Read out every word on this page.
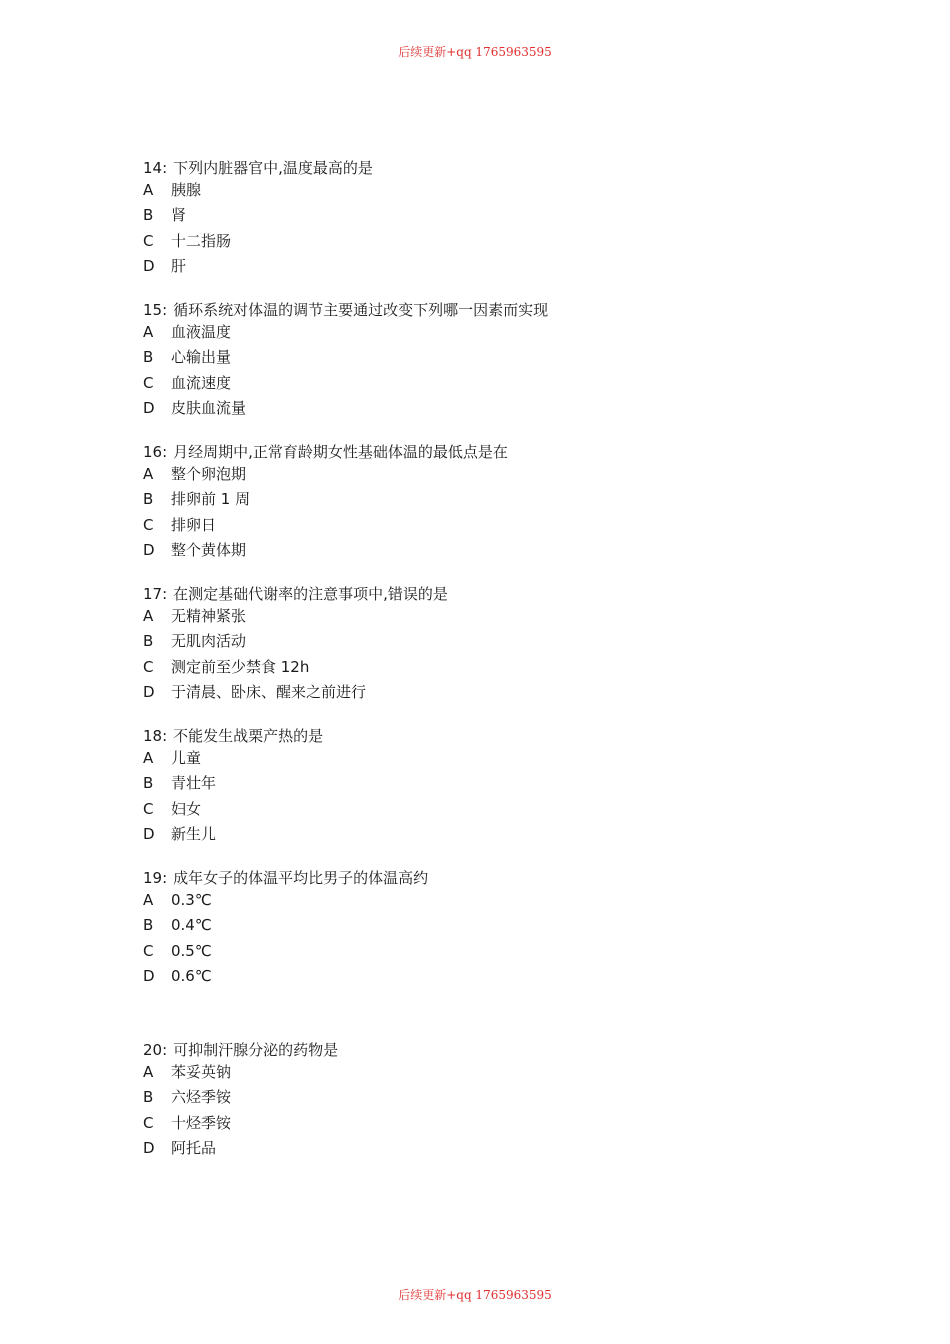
后续更新+qq 1765963595
14: 下列内脏器官中,温度最高的是
A 胰腺
B 肾
C 十二指肠
D 肝
15: 循环系统对体温的调节主要通过改变下列哪一因素而实现
A 血液温度
B 心输出量
C 血流速度
D 皮肤血流量
16: 月经周期中,正常育龄期女性基础体温的最低点是在
A 整个卵泡期
B 排卵前 1 周
C 排卵日
D 整个黄体期
17: 在测定基础代谢率的注意事项中,错误的是
A 无精神紧张
B 无肌肉活动
C 测定前至少禁食 12h
D 于清晨、卧床、醒来之前进行
18: 不能发生战栗产热的是
A 儿童
B 青壮年
C 妇女
D 新生儿
19: 成年女子的体温平均比男子的体温高约
A 0.3℃
B 0.4℃
C 0.5℃
D 0.6℃
20: 可抑制汗腺分泌的药物是
A 苯妥英钠
B 六烃季铵
C 十烃季铵
D 阿托品
后续更新+qq 1765963595
